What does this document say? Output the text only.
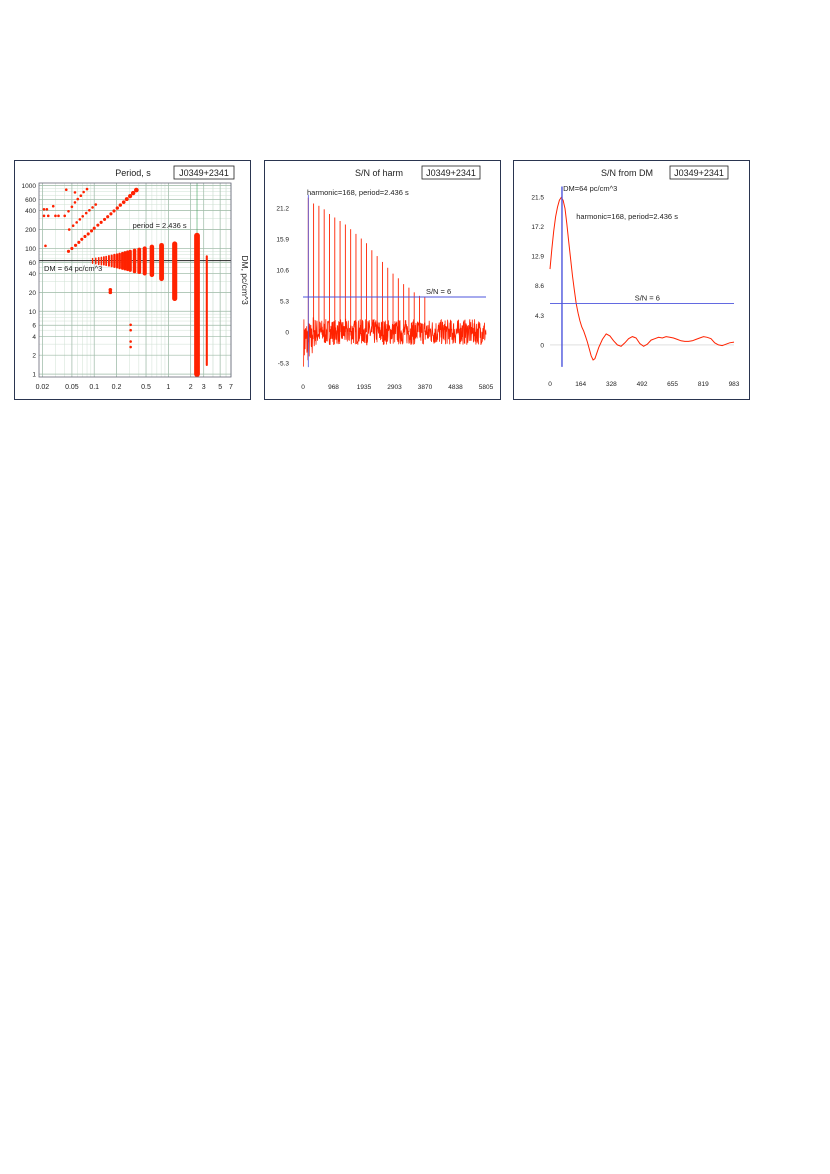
Period, s	J0349+2341
0.02 0.05 0.1 0.2	0.5 1	2 3 5 7
1000
600
400
200
100
60
40
20
10
6
4
2
1
period = 2.436 s
DM = 64 pc/cm^3	DM, pc/cm^3
S/N of harm	J0349+2341
21.2
15.9
10.6
5.3
0
-5.3
0	968	1935 2903 3870 4838 5805
S/N = 6
harmonic=168, period=2.436 s
S/N from DM J0349+2341
21.5
17.2
12.9
8.6
4.3
0
0	164	328	492	655	819	983
S/N = 6
DM=64 pc/cm^3
harmonic=168, period=2.436 s
